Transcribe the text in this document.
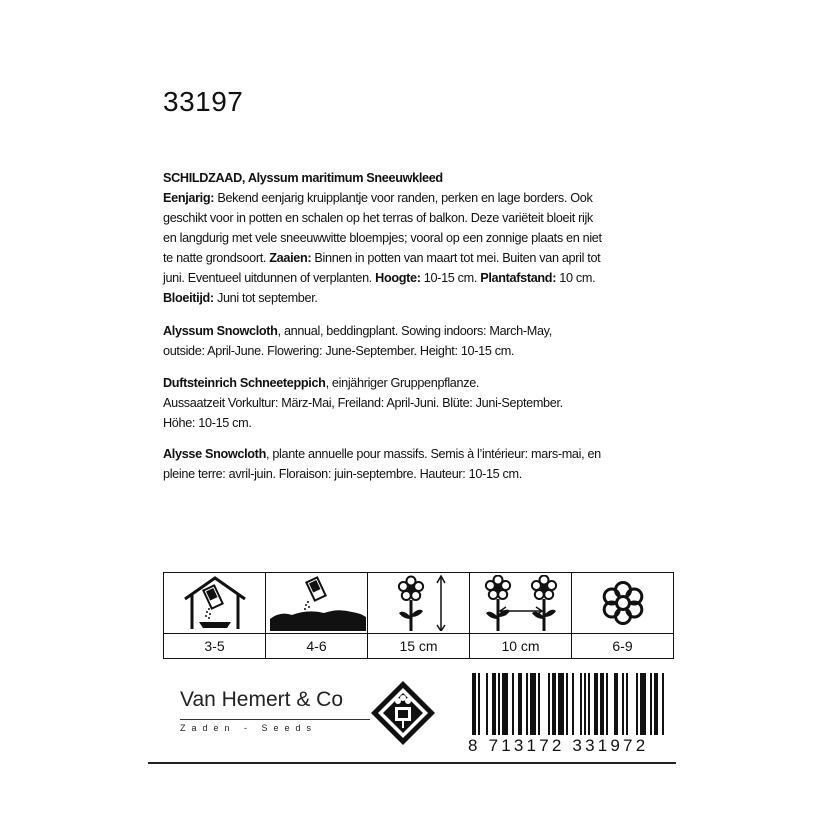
33197

SCHILDZAAD, Alyssum maritimum Sneeuwkleed

Eenjarig: Bekend eenjarig kruipplantje voor randen, perken en lage borders. Ook

geschikt voor in potten en schalen op het terras of balkon. Deze variëteit bloeit rijk

en langdurig met vele sneeuwwitte bloempjes; vooral op een zonnige plaats en niet

te natte grondsoort. Zaaien: Binnen in potten van maart tot mei. Buiten van april tot

juni. Eventueel uitdunnen of verplanten. Hoogte: 10-15 cm. Plantafstand: 10 cm.

Bloeitijd: Juni tot september.

Alyssum Snowcloth, annual, beddingplant. Sowing indoors: March-May,

outside: April-June. Flowering: June-September. Height: 10-15 cm.

Duftsteinrich Schneeteppich, einjähriger Gruppenpflanze.

Aussaatzeit Vorkultur: März-Mai, Freiland: April-Juni. Blüte: Juni-September.

Höhe: 10-15 cm.

Alysse Snowcloth, plante annuelle pour massifs. Semis à l’intérieur: mars-mai, en

pleine terre: avril-juin. Floraison: juin-septembre. Hauteur: 10-15 cm.

3-5	4-6	15 cm	10 cm	6-9
Van Hemert & Co
Zaden - Seeds
8 713172 331972
